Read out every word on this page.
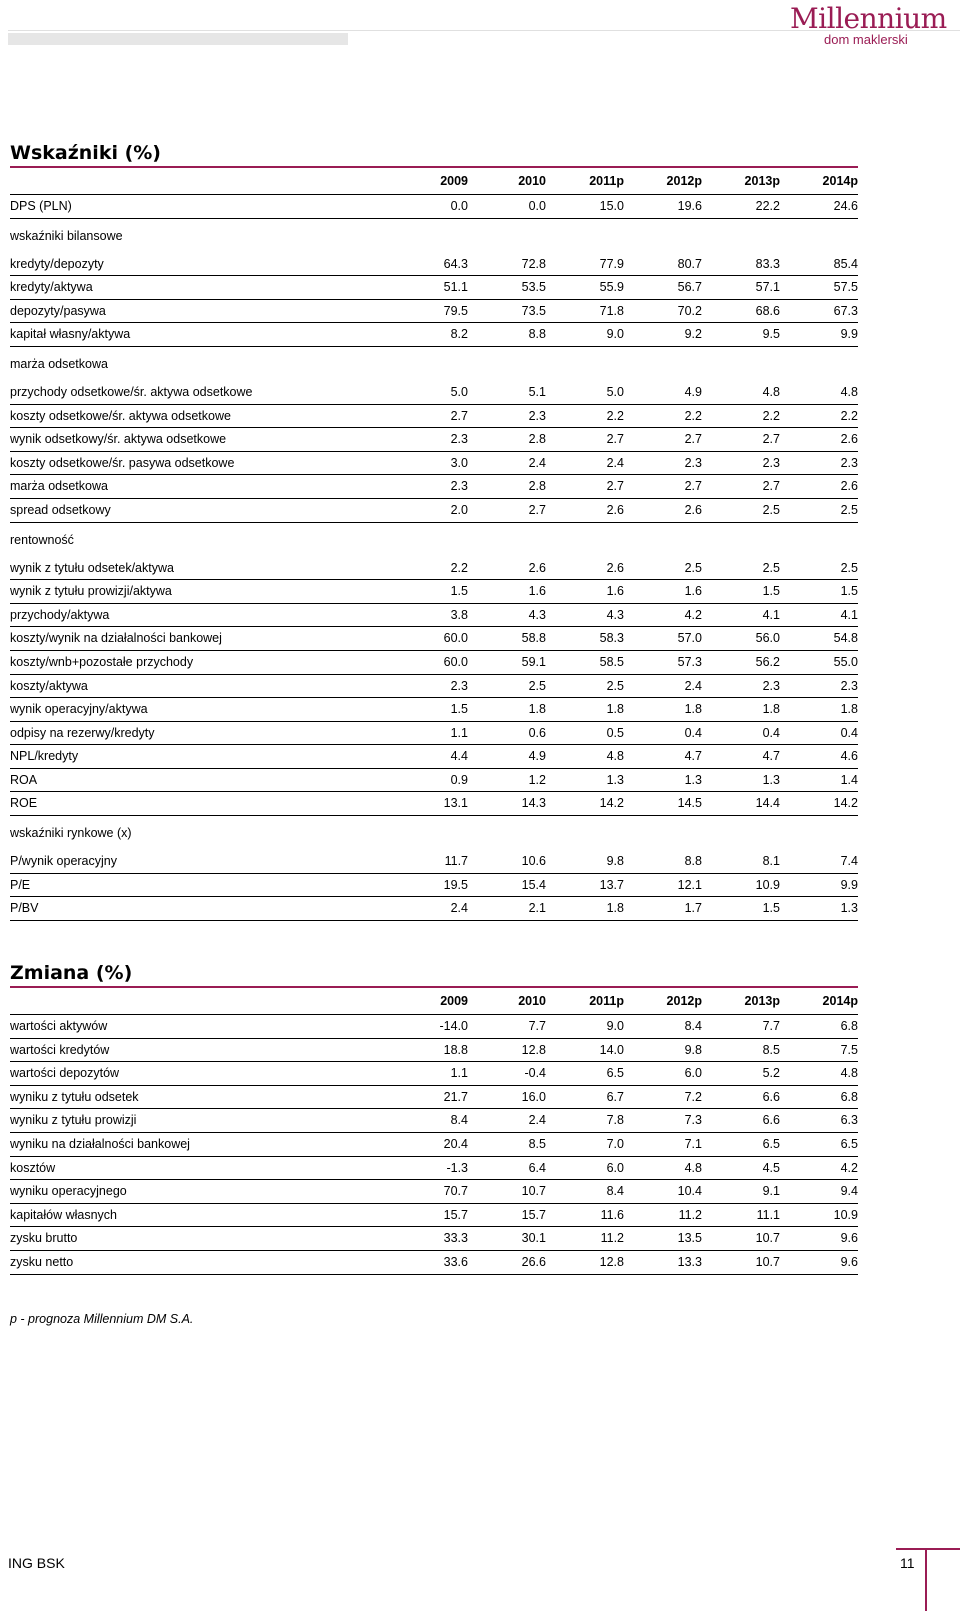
Millennium
dom maklerski
Wskaźniki (%)
	2009	2010	2011p	2012p	2013p	2014p
DPS (PLN)	0.0	0.0	15.0	19.6	22.2	24.6
wskaźniki bilansowe						
kredyty/depozyty	64.3	72.8	77.9	80.7	83.3	85.4
kredyty/aktywa	51.1	53.5	55.9	56.7	57.1	57.5
depozyty/pasywa	79.5	73.5	71.8	70.2	68.6	67.3
kapitał własny/aktywa	8.2	8.8	9.0	9.2	9.5	9.9
marża odsetkowa						
przychody odsetkowe/śr. aktywa odsetkowe	5.0	5.1	5.0	4.9	4.8	4.8
koszty odsetkowe/śr. aktywa odsetkowe	2.7	2.3	2.2	2.2	2.2	2.2
wynik odsetkowy/śr. aktywa odsetkowe	2.3	2.8	2.7	2.7	2.7	2.6
koszty odsetkowe/śr. pasywa odsetkowe	3.0	2.4	2.4	2.3	2.3	2.3
marża odsetkowa	2.3	2.8	2.7	2.7	2.7	2.6
spread odsetkowy	2.0	2.7	2.6	2.6	2.5	2.5
rentowność						
wynik z tytułu odsetek/aktywa	2.2	2.6	2.6	2.5	2.5	2.5
wynik z tytułu prowizji/aktywa	1.5	1.6	1.6	1.6	1.5	1.5
przychody/aktywa	3.8	4.3	4.3	4.2	4.1	4.1
koszty/wynik na działalności bankowej	60.0	58.8	58.3	57.0	56.0	54.8
koszty/wnb+pozostałe przychody	60.0	59.1	58.5	57.3	56.2	55.0
koszty/aktywa	2.3	2.5	2.5	2.4	2.3	2.3
wynik operacyjny/aktywa	1.5	1.8	1.8	1.8	1.8	1.8
odpisy na rezerwy/kredyty	1.1	0.6	0.5	0.4	0.4	0.4
NPL/kredyty	4.4	4.9	4.8	4.7	4.7	4.6
ROA	0.9	1.2	1.3	1.3	1.3	1.4
ROE	13.1	14.3	14.2	14.5	14.4	14.2
wskaźniki rynkowe (x)						
P/wynik operacyjny	11.7	10.6	9.8	8.8	8.1	7.4
P/E	19.5	15.4	13.7	12.1	10.9	9.9
P/BV	2.4	2.1	1.8	1.7	1.5	1.3
Zmiana (%)
	2009	2010	2011p	2012p	2013p	2014p
wartości aktywów	-14.0	7.7	9.0	8.4	7.7	6.8
wartości kredytów	18.8	12.8	14.0	9.8	8.5	7.5
wartości depozytów	1.1	-0.4	6.5	6.0	5.2	4.8
wyniku z tytułu odsetek	21.7	16.0	6.7	7.2	6.6	6.8
wyniku z tytułu prowizji	8.4	2.4	7.8	7.3	6.6	6.3
wyniku na działalności bankowej	20.4	8.5	7.0	7.1	6.5	6.5
kosztów	-1.3	6.4	6.0	4.8	4.5	4.2
wyniku operacyjnego	70.7	10.7	8.4	10.4	9.1	9.4
kapitałów własnych	15.7	15.7	11.6	11.2	11.1	10.9
zysku brutto	33.3	30.1	11.2	13.5	10.7	9.6
zysku netto	33.6	26.6	12.8	13.3	10.7	9.6
p - prognoza Millennium DM S.A.
ING BSK	11
